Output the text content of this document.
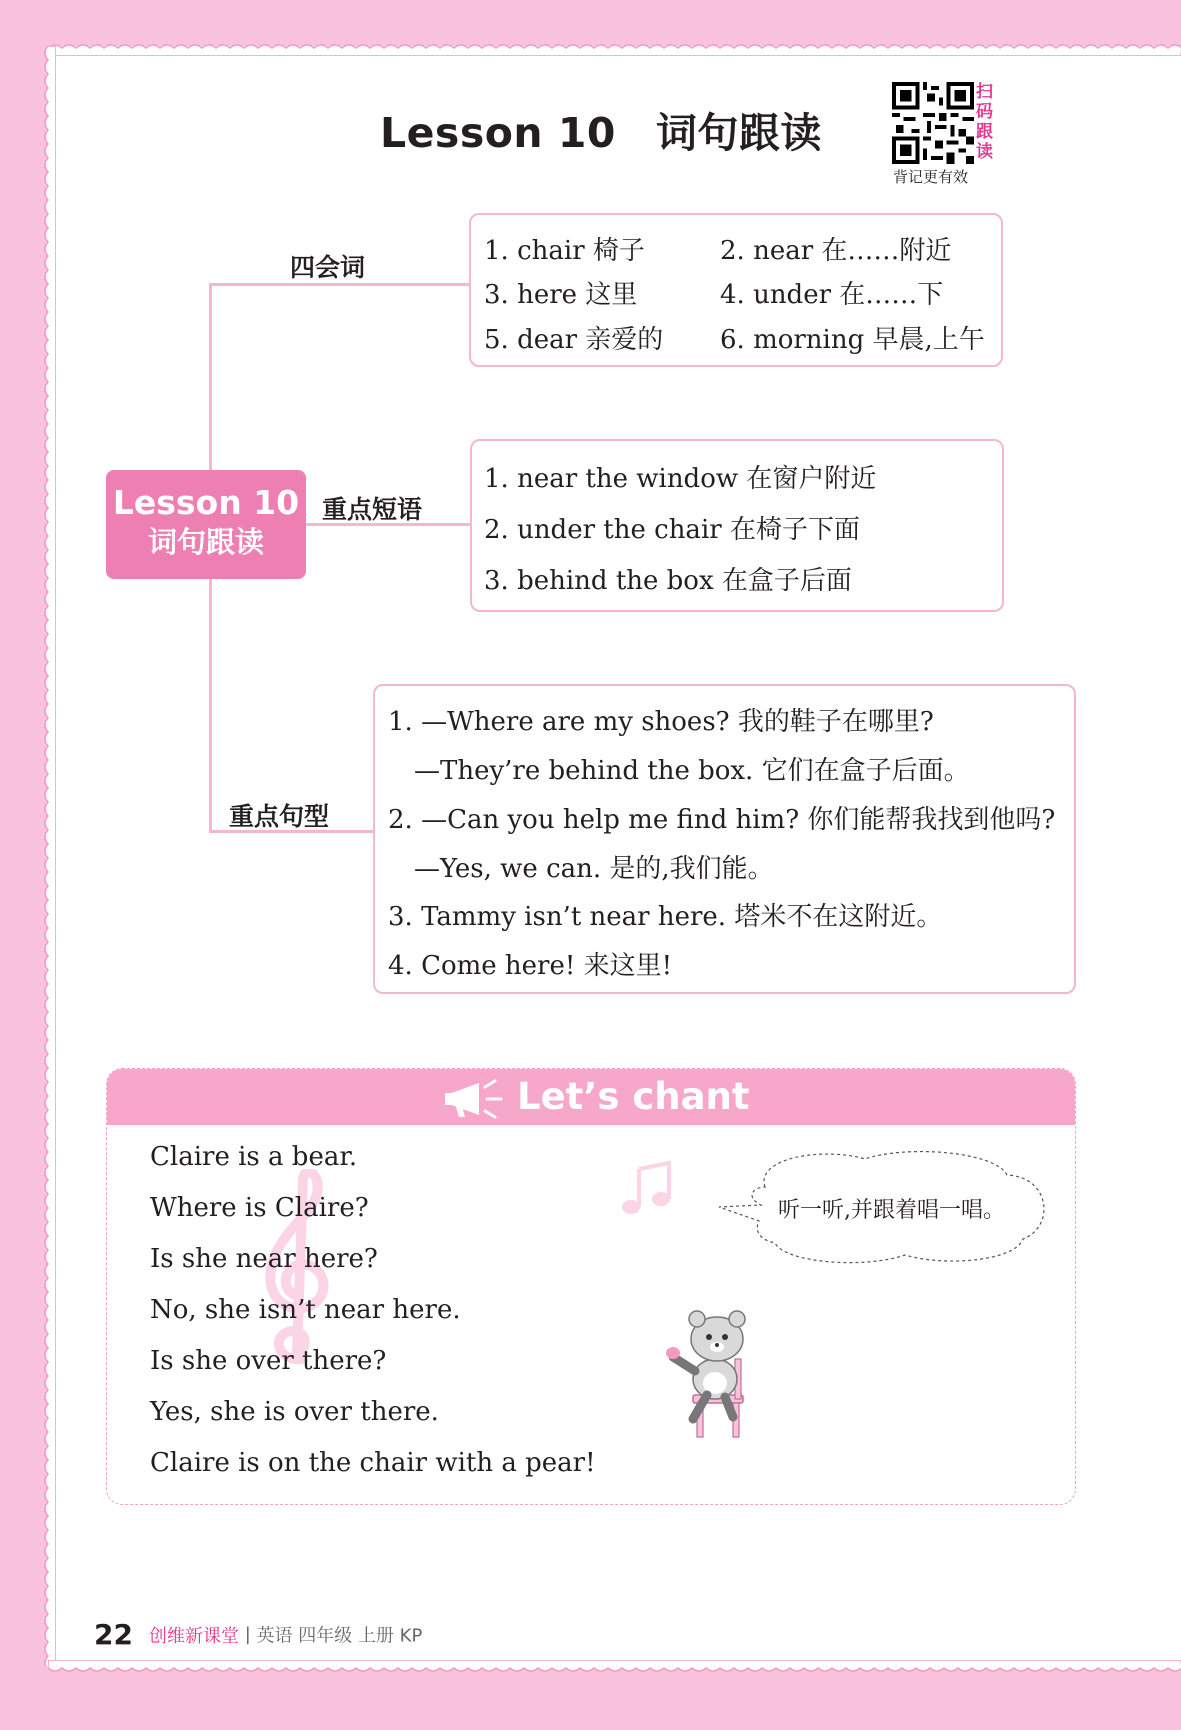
Lesson 10 词句跟读
扫码跟读
背记更有效
Lesson 10
词句跟读
四会词
重点短语
重点句型
1. chair 椅子	2. near 在……附近
3. here 这里	4. under 在……下
5. dear 亲爱的 6. morning 早晨,上午
1. near the window 在窗户附近
2. under the chair 在椅子下面
3. behind the box 在盒子后面
1. —Where are my shoes? 我的鞋子在哪里?
—They’re behind the box. 它们在盒子后面。
2. —Can you help me find him? 你们能帮我找到他吗?
—Yes, we can. 是的,我们能。
3. Tammy isn’t near here. 塔米不在这附近。
4. Come here! 来这里!
Let’s chant
听一听,并跟着唱一唱。
Claire is a bear.
Where is Claire?
Is she near here?
No, she isn’t near here.
Is she over there?
Yes, she is over there.
Claire is on the chair with a pear!
22 创维新课堂 | 英语 四年级 上册 KP
